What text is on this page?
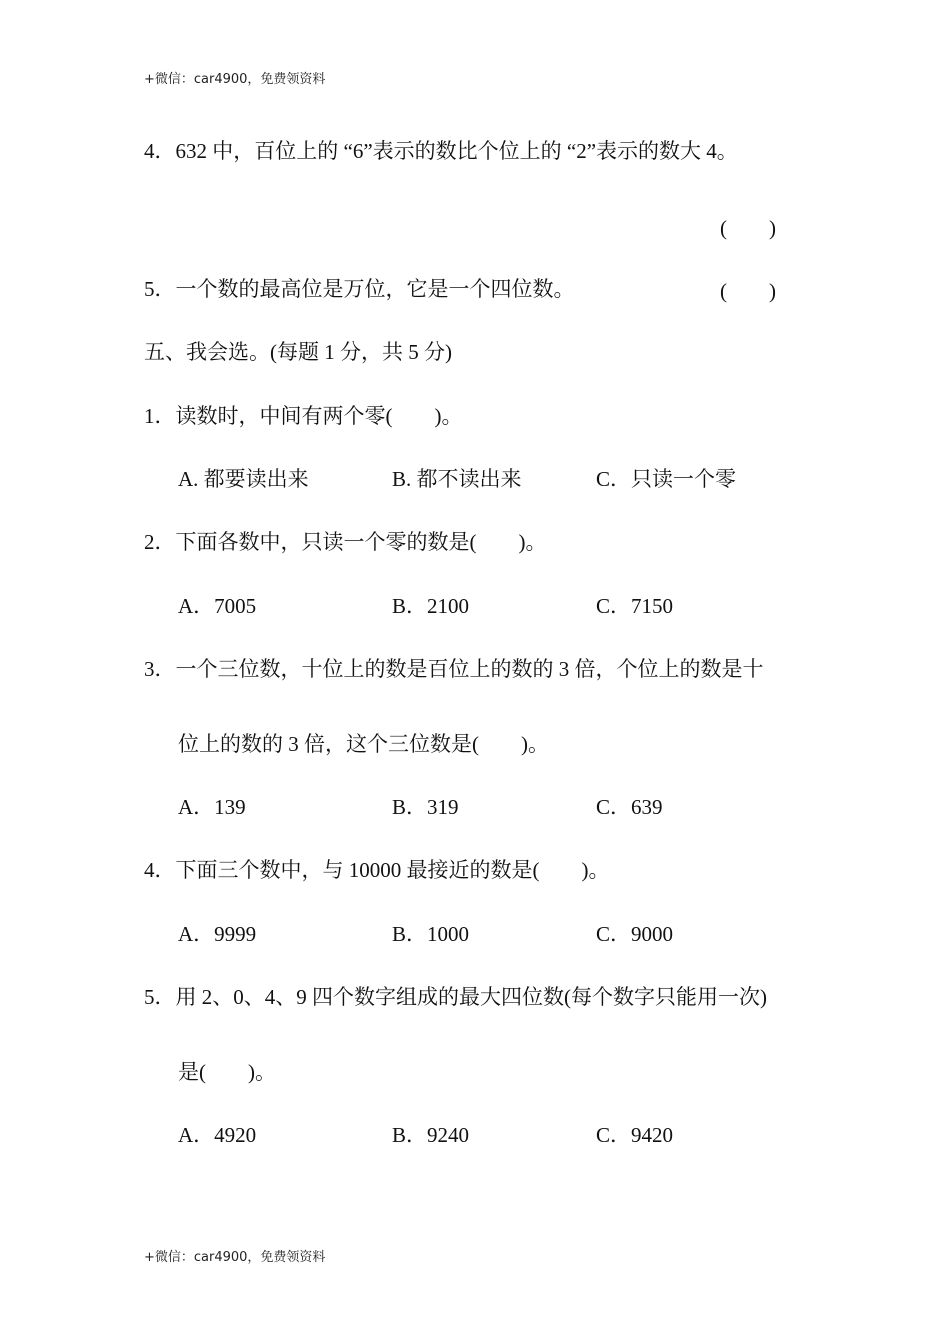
+微信：car4900，免费领资料
4．632 中，百位上的 “6”表示的数比个位上的 “2”表示的数大 4。
(　　)
5．一个数的最高位是万位，它是一个四位数。	(　　)
五、我会选。(每题 1 分，共 5 分)
1．读数时，中间有两个零(　　)。
A. 都要读出来	B. 都不读出来	C．只读一个零
2．下面各数中，只读一个零的数是(　　)。
A．7005	B．2100	C．7150
3．一个三位数，十位上的数是百位上的数的 3 倍，个位上的数是十
位上的数的 3 倍，这个三位数是(　　)。
A．139	B．319	C．639
4．下面三个数中，与 10000 最接近的数是(　　)。
A．9999	B．1000	C．9000
5．用 2、0、4、9 四个数字组成的最大四位数(每个数字只能用一次)
是(　　)。
A．4920	B．9240	C．9420
+微信：car4900，免费领资料
